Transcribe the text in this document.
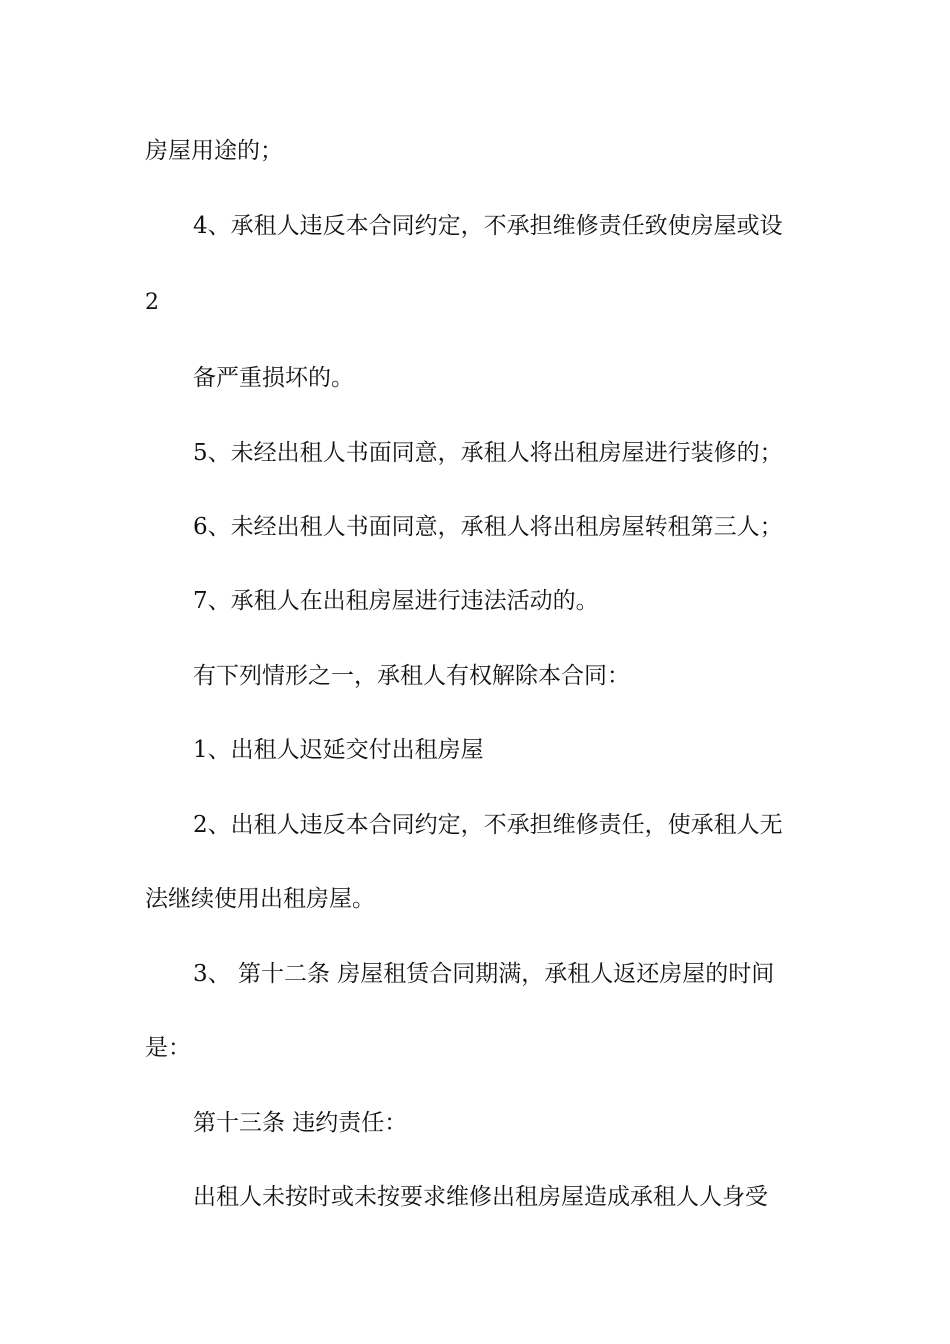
房屋用途的；
4、承租人违反本合同约定，不承担维修责任致使房屋或设
2
备严重损坏的。
5、未经出租人书面同意，承租人将出租房屋进行装修的；
6、未经出租人书面同意，承租人将出租房屋转租第三人；
7、承租人在出租房屋进行违法活动的。
有下列情形之一，承租人有权解除本合同：
1、出租人迟延交付出租房屋
2、出租人违反本合同约定，不承担维修责任，使承租人无
法继续使用出租房屋。
3、 第十二条 房屋租赁合同期满，承租人返还房屋的时间
是：
第十三条 违约责任：
出租人未按时或未按要求维修出租房屋造成承租人人身受
